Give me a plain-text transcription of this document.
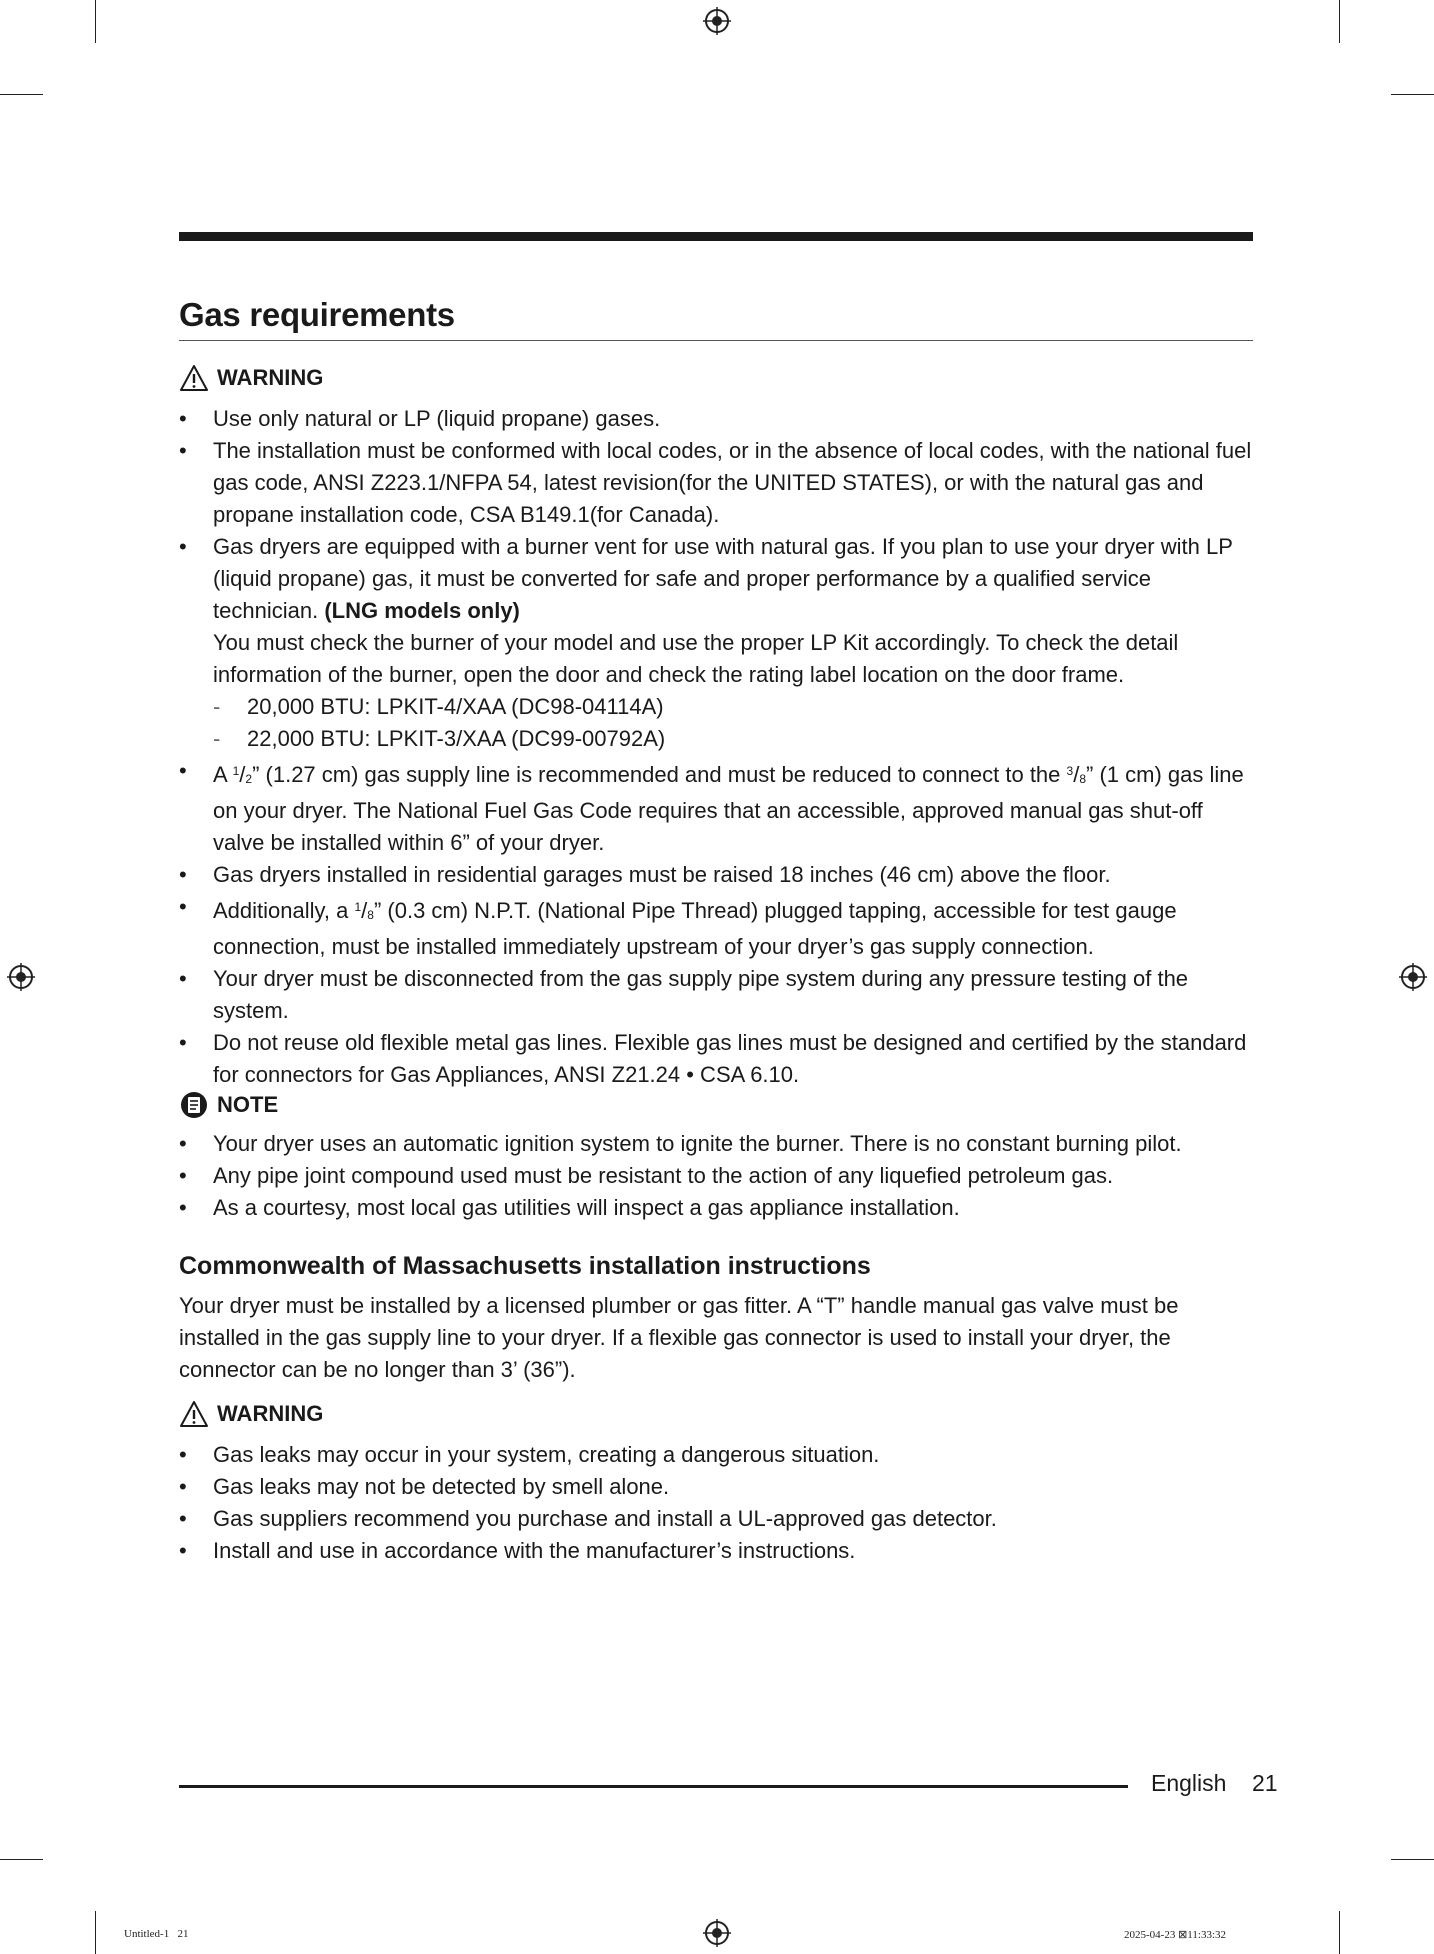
Gas requirements
WARNING
• Use only natural or LP (liquid propane) gases.
• The installation must be conformed with local codes, or in the absence of local codes, with the national fuel gas code, ANSI Z223.1/NFPA 54, latest revision(for the UNITED STATES), or with the natural gas and propane installation code, CSA B149.1(for Canada).
• Gas dryers are equipped with a burner vent for use with natural gas. If you plan to use your dryer with LP (liquid propane) gas, it must be converted for safe and proper performance by a qualified service technician. (LNG models only)
You must check the burner of your model and use the proper LP Kit accordingly. To check the detail information of the burner, open the door and check the rating label location on the door frame.
- 20,000 BTU: LPKIT-4/XAA (DC98-04114A)
- 22,000 BTU: LPKIT-3/XAA (DC99-00792A)
• A $^1/_2$” (1.27 cm) gas supply line is recommended and must be reduced to connect to the $^3/_8$” (1 cm) gas line on your dryer. The National Fuel Gas Code requires that an accessible, approved manual gas shut-off valve be installed within 6” of your dryer.
• Gas dryers installed in residential garages must be raised 18 inches (46 cm) above the floor.
• Additionally, a $^1/_8$” (0.3 cm) N.P.T. (National Pipe Thread) plugged tapping, accessible for test gauge connection, must be installed immediately upstream of your dryer’s gas supply connection.
• Your dryer must be disconnected from the gas supply pipe system during any pressure testing of the system.
• Do not reuse old flexible metal gas lines. Flexible gas lines must be designed and certified by the standard for connectors for Gas Appliances, ANSI Z21.24 • CSA 6.10.
NOTE
• Your dryer uses an automatic ignition system to ignite the burner. There is no constant burning pilot.
• Any pipe joint compound used must be resistant to the action of any liquefied petroleum gas.
• As a courtesy, most local gas utilities will inspect a gas appliance installation.
Commonwealth of Massachusetts installation instructions

Your dryer must be installed by a licensed plumber or gas fitter. A “T” handle manual gas valve must be installed in the gas supply line to your dryer. If a flexible gas connector is used to install your dryer, the connector can be no longer than 3’ (36”).

WARNING
• Gas leaks may occur in your system, creating a dangerous situation.
• Gas leaks may not be detected by smell alone.
• Gas suppliers recommend you purchase and install a UL-approved gas detector.
• Install and use in accordance with the manufacturer’s instructions.
English 21
Untitled-1   21	2025-04-23 ⊠11:33:32
